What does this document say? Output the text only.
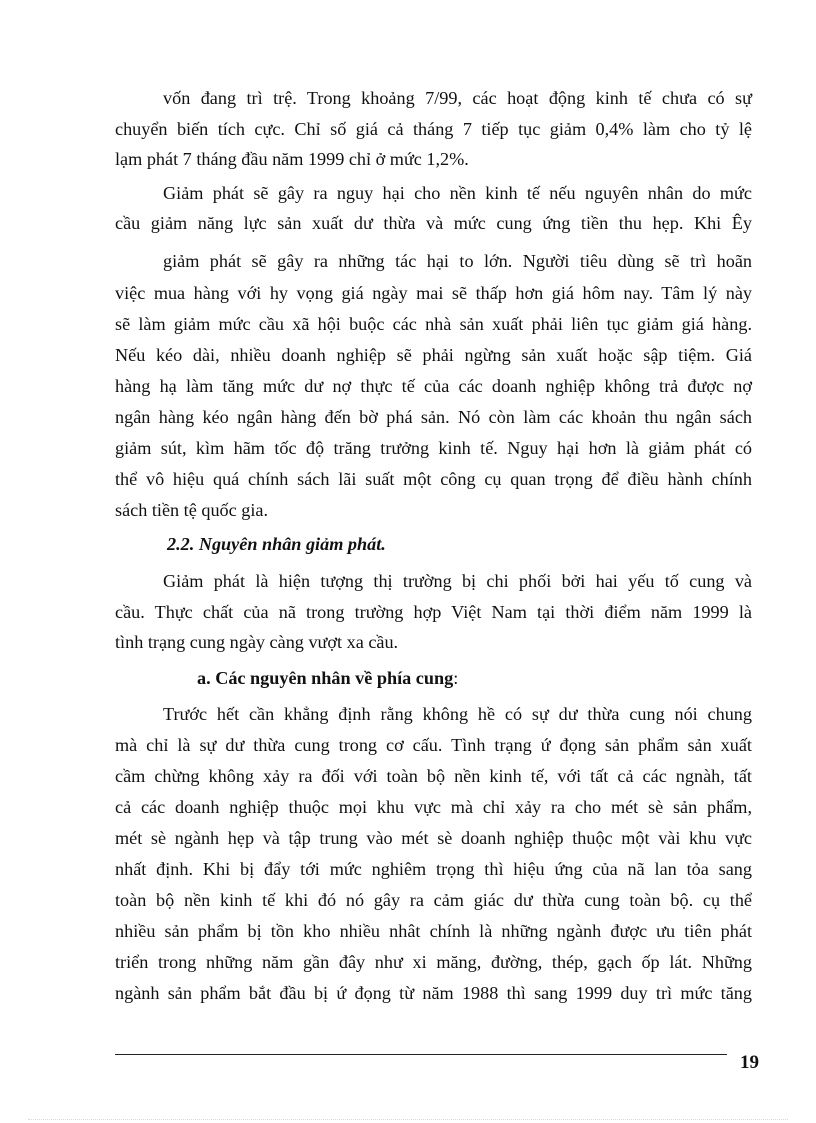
vốn đang trì trệ. Trong khoảng 7/99, các hoạt động kinh tế chưa có sự
chuyển biến tích cực. Chỉ số giá cả tháng 7 tiếp tục giảm 0,4% làm cho tỷ lệ
lạm phát 7 tháng đầu năm 1999 chỉ ở mức 1,2%.
Giảm phát sẽ gây ra nguy hại cho nền kinh tế nếu nguyên nhân do mức
cầu giảm năng lực sản xuất dư thừa và mức cung ứng tiền thu hẹp. Khi Êy
giảm phát sẽ gây ra những tác hại to lớn. Người tiêu dùng sẽ trì hoãn
việc mua hàng với hy vọng giá ngày mai sẽ thấp hơn giá hôm nay. Tâm lý này
sẽ làm giảm mức cầu xã hội buộc các nhà sản xuất phải liên tục giảm giá hàng.
Nếu kéo dài, nhiều doanh nghiệp sẽ phải ngừng sản xuất hoặc sập tiệm. Giá
hàng hạ làm tăng mức dư nợ thực tế của các doanh nghiệp không trả được nợ
ngân hàng kéo ngân hàng đến bờ phá sản. Nó còn làm các khoản thu ngân sách
giảm sút, kìm hãm tốc độ trăng trưởng kinh tế. Nguy hại hơn là giảm phát có
thể vô hiệu quá chính sách lãi suất một công cụ quan trọng để điều hành chính
sách tiền tệ quốc gia.
2.2. Nguyên nhân giảm phát.
Giảm phát là hiện tượng thị trường bị chi phối bởi hai yếu tố cung và
cầu. Thực chất của nã trong trường hợp Việt Nam tại thời điểm năm 1999 là
tình trạng cung ngày càng vượt xa cầu.
a. Các nguyên nhân về phía cung:
Trước hết cần khẳng định rằng không hề có sự dư thừa cung nói chung
mà chỉ là sự dư thừa cung trong cơ cấu. Tình trạng ứ đọng sản phẩm sản xuất
cầm chừng không xảy ra đối với toàn bộ nền kinh tế, với tất cả các ngnàh, tất
cả các doanh nghiệp thuộc mọi khu vực mà chỉ xảy ra cho mét sè sản phẩm,
mét sè ngành hẹp và tập trung vào mét sè doanh nghiệp thuộc một vài khu vực
nhất định. Khi bị đẩy tới mức nghiêm trọng thì hiệu ứng của nã lan tỏa sang
toàn bộ nền kinh tế khi đó nó gây ra cảm giác dư thừa cung toàn bộ. cụ thể
nhiều sản phẩm bị tồn kho nhiều nhât chính là những ngành được ưu tiên phát
triển trong những năm gần đây như xi măng, đường, thép, gạch ốp lát. Những
ngành sản phẩm bắt đầu bị ứ đọng từ năm 1988 thì sang 1999 duy trì mức tăng
19
